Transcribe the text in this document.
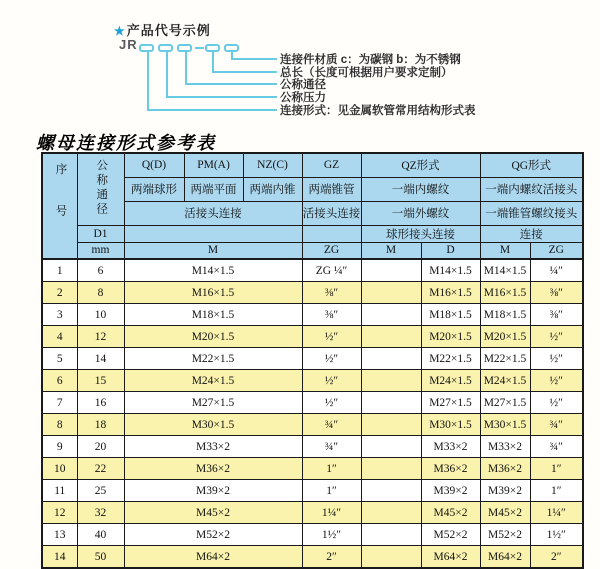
★产品代号示例
JR
连接件材质 c：为碳钢 b：为不锈钢
总长（长度可根据用户要求定制）
公称通径
公称压力
连接形式：见金属软管常用结构形式表
螺母连接形式参考表
序号	公称通径	Q(D)	PM(A)	NZ(C)	GZ	QZ形式		QG形式	
		两端球形	两端平面	两端内锥	两端锥管	一端内螺纹		一端内螺纹活接头	
		活接头连接			活接头连接	一端外螺纹		一端锥管螺纹接头	
	D1					球形接头连接		连接	
	mm	M			ZG	M	D	M	ZG
1	6	M14×1.5			ZG ¼″		M14×1.5	M14×1.5	¼″
2	8	M16×1.5			⅜″		M16×1.5	M16×1.5	⅜″
3	10	M18×1.5			⅜″		M18×1.5	M18×1.5	⅜″
4	12	M20×1.5			½″		M20×1.5	M20×1.5	½″
5	14	M22×1.5			½″		M22×1.5	M22×1.5	½″
6	15	M24×1.5			½″		M24×1.5	M24×1.5	½″
7	16	M27×1.5			½″		M27×1.5	M27×1.5	½″
8	18	M30×1.5			¾″		M30×1.5	M30×1.5	¾″
9	20	M33×2			¾″		M33×2	M33×2	¾″
10	22	M36×2			1″		M36×2	M36×2	1″
11	25	M39×2			1″		M39×2	M39×2	1″
12	32	M45×2			1¼″		M45×2	M45×2	1¼″
13	40	M52×2			1½″		M52×2	M52×2	1½″
14	50	M64×2			2″		M64×2	M64×2	2″
